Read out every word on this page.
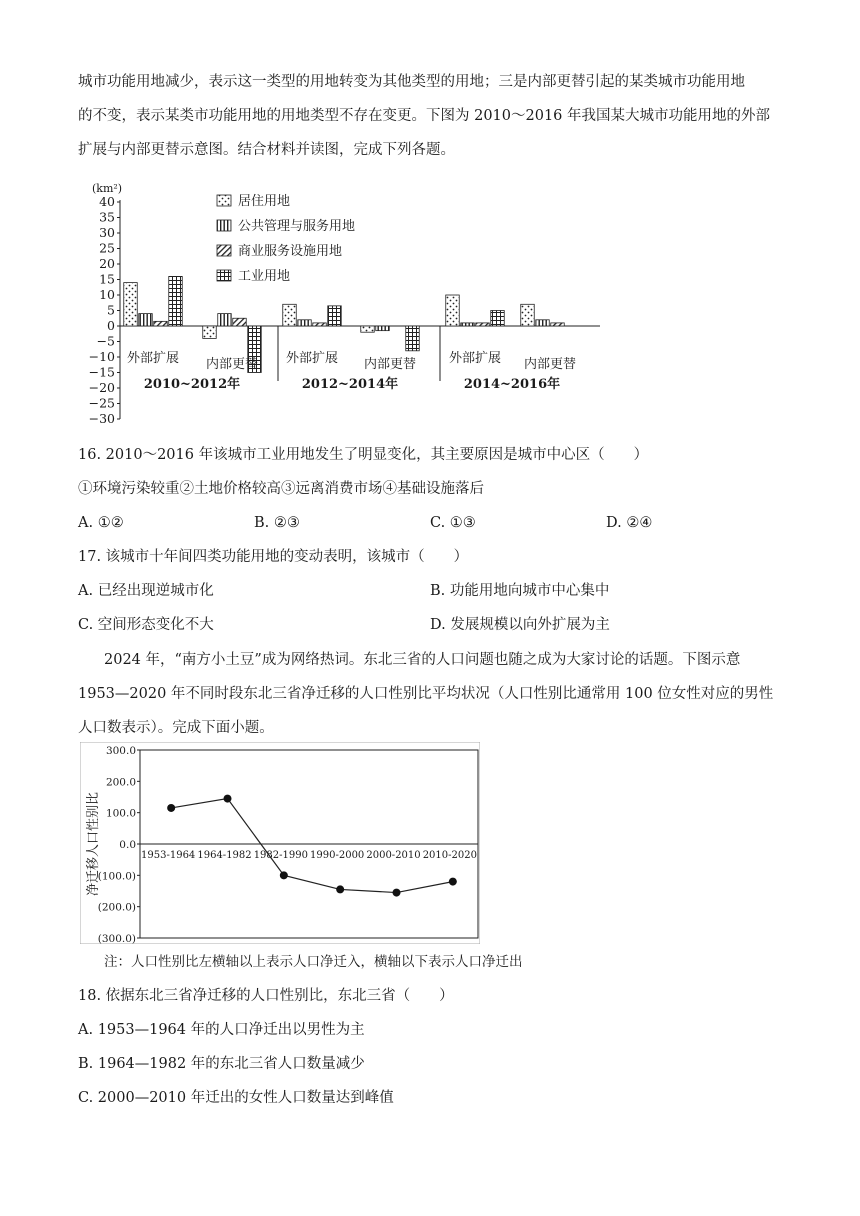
城市功能用地减少，表示这一类型的用地转变为其他类型的用地；三是内部更替引起的某类城市功能用地
的不变，表示某类市功能用地的用地类型不存在变更。下图为 2010～2016 年我国某大城市功能用地的外部
扩展与内部更替示意图。结合材料并读图，完成下列各题。
(km²)
40
35
30
25
20
15
10
5
0
−5
−10
−15
−20
−25
−30
居住用地
公共管理与服务用地
商业服务设施用地
工业用地
外部扩展 内部更替 外部扩展 内部更替	外部扩展 内部更替
2010~2012年	2012~2014年	2014~2016年
16. 2010～2016 年该城市工业用地发生了明显变化，其主要原因是城市中心区（　　）
①环境污染较重②土地价格较高③远离消费市场④基础设施落后
A. ①②	B. ②③	C. ①③	D. ②④
17. 该城市十年间四类功能用地的变动表明，该城市（　　）
A. 已经出现逆城市化	B. 功能用地向城市中心集中
C. 空间形态变化不大	D. 发展规模以向外扩展为主
2024 年，“南方小土豆”成为网络热词。东北三省的人口问题也随之成为大家讨论的话题。下图示意
1953—2020 年不同时段东北三省净迁移的人口性别比平均状况（人口性别比通常用 100 位女性对应的男性
人口数表示）。完成下面小题。
净迁移人口性别比
300.0
200.0
100.0
0.0
(100.0)
(200.0)
(300.0)
1953-1964 1964-1982 1982-1990 1990-2000 2000-2010 2010-2020
注：人口性别比左横轴以上表示人口净迁入，横轴以下表示人口净迁出
18. 依据东北三省净迁移的人口性别比，东北三省（　　）
A. 1953—1964 年的人口净迁出以男性为主
B. 1964—1982 年的东北三省人口数量减少
C. 2000—2010 年迁出的女性人口数量达到峰值
